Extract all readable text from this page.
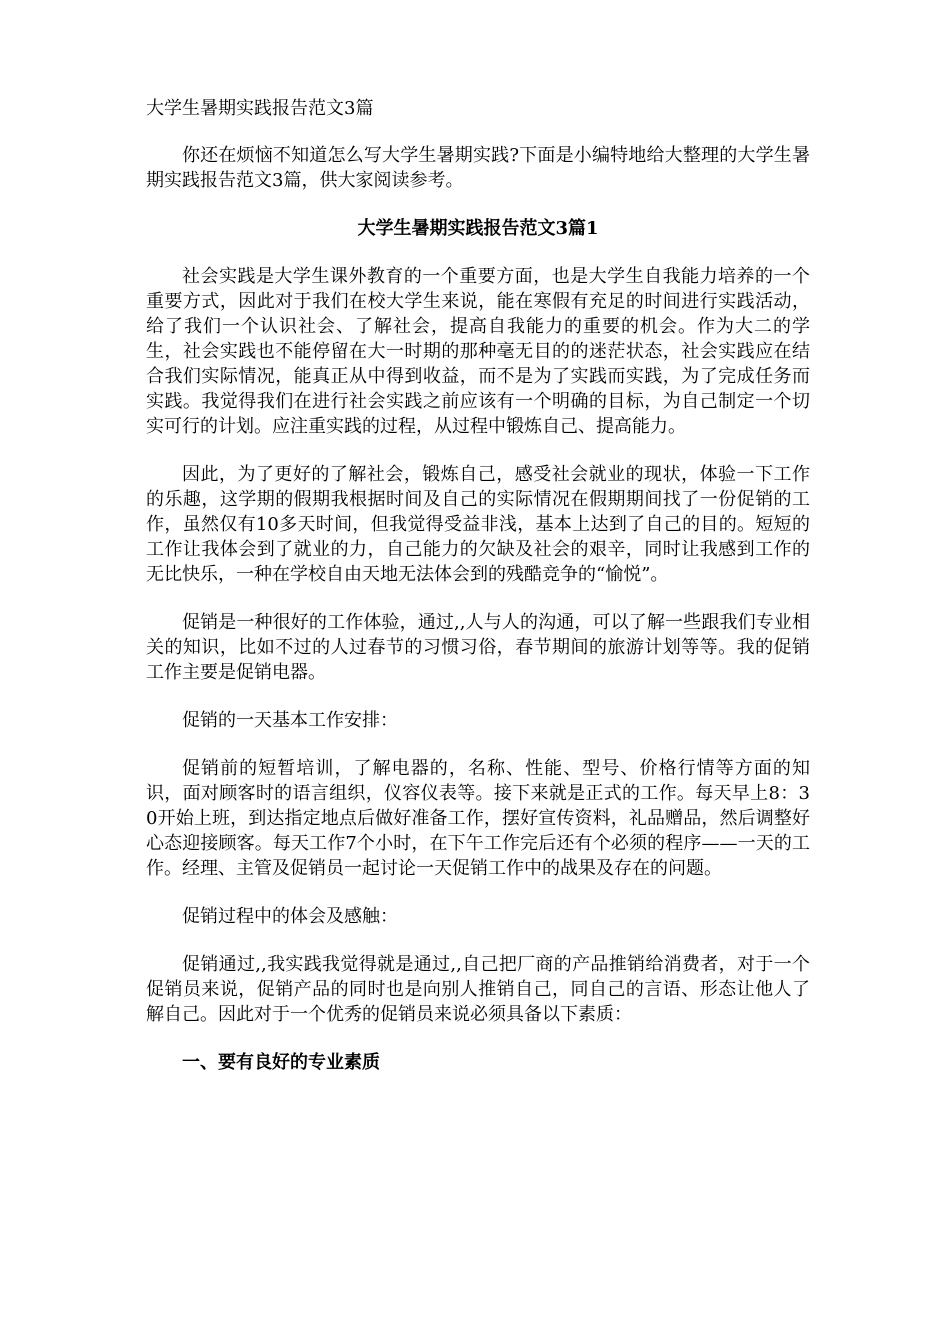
大学生暑期实践报告范文3篇

你还在烦恼不知道怎么写大学生暑期实践?下面是小编特地给大整理的大学生暑期实践报告范文3篇，供大家阅读参考。

大学生暑期实践报告范文3篇1

社会实践是大学生课外教育的一个重要方面，也是大学生自我能力培养的一个重要方式，因此对于我们在校大学生来说，能在寒假有充足的时间进行实践活动，给了我们一个认识社会、了解社会，提高自我能力的重要的机会。作为大二的学生，社会实践也不能停留在大一时期的那种毫无目的的迷茫状态，社会实践应在结合我们实际情况，能真正从中得到收益，而不是为了实践而实践，为了完成任务而实践。我觉得我们在进行社会实践之前应该有一个明确的目标，为自己制定一个切实可行的计划。应注重实践的过程，从过程中锻炼自己、提高能力。

因此，为了更好的了解社会，锻炼自己，感受社会就业的现状，体验一下工作的乐趣，这学期的假期我根据时间及自己的实际情况在假期期间找了一份促销的工作，虽然仅有10多天时间，但我觉得受益非浅，基本上达到了自己的目的。短短的工作让我体会到了就业的力，自己能力的欠缺及社会的艰辛，同时让我感到工作的无比快乐，一种在学校自由天地无法体会到的残酷竞争的“愉悦”。

促销是一种很好的工作体验，通过,,人与人的沟通，可以了解一些跟我们专业相关的知识，比如不过的人过春节的习惯习俗，春节期间的旅游计划等等。我的促销工作主要是促销电器。

促销的一天基本工作安排：

促销前的短暂培训，了解电器的，名称、性能、型号、价格行情等方面的知识，面对顾客时的语言组织，仪容仪表等。接下来就是正式的工作。每天早上8：30开始上班，到达指定地点后做好准备工作，摆好宣传资料，礼品赠品，然后调整好心态迎接顾客。每天工作7个小时，在下午工作完后还有个必须的程序——一天的工作。经理、主管及促销员一起讨论一天促销工作中的战果及存在的问题。

促销过程中的体会及感触：

促销通过,,我实践我觉得就是通过,,自己把厂商的产品推销给消费者，对于一个促销员来说，促销产品的同时也是向别人推销自己，同自己的言语、形态让他人了解自己。因此对于一个优秀的促销员来说必须具备以下素质：

一、要有良好的专业素质
